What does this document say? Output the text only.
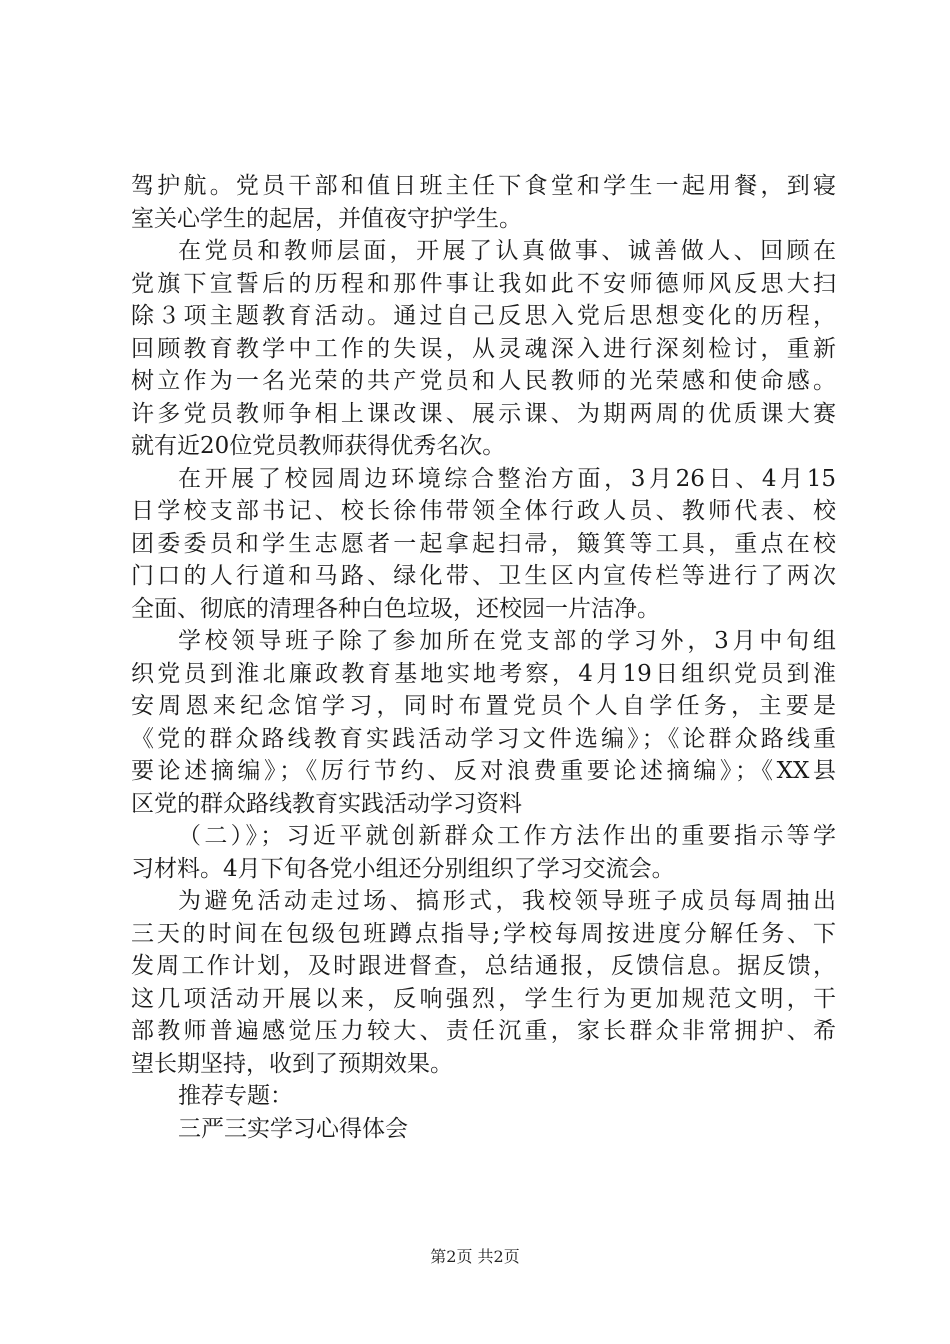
驾护航。党员干部和值日班主任下食堂和学生一起用餐，到寝
室关心学生的起居，并值夜守护学生。
在党员和教师层面，开展了认真做事、诚善做人、回顾在
党旗下宣誓后的历程和那件事让我如此不安师德师风反思大扫
除３项主题教育活动。通过自己反思入党后思想变化的历程，
回顾教育教学中工作的失误，从灵魂深入进行深刻检讨，重新
树立作为一名光荣的共产党员和人民教师的光荣感和使命感。
许多党员教师争相上课改课、展示课、为期两周的优质课大赛
就有近20位党员教师获得优秀名次。
在开展了校园周边环境综合整治方面，3月26日、4月15
日学校支部书记、校长徐伟带领全体行政人员、教师代表、校
团委委员和学生志愿者一起拿起扫帚，簸箕等工具，重点在校
门口的人行道和马路、绿化带、卫生区内宣传栏等进行了两次
全面、彻底的清理各种白色垃圾，还校园一片洁净。
学校领导班子除了参加所在党支部的学习外，3月中旬组
织党员到淮北廉政教育基地实地考察，4月19日组织党员到淮
安周恩来纪念馆学习，同时布置党员个人自学任务，主要是
《党的群众路线教育实践活动学习文件选编》；《论群众路线重
要论述摘编》；《厉行节约、反对浪费重要论述摘编》；《XX县
区党的群众路线教育实践活动学习资料
（二）》；习近平就创新群众工作方法作出的重要指示等学
习材料。4月下旬各党小组还分别组织了学习交流会。
为避免活动走过场、搞形式，我校领导班子成员每周抽出
三天的时间在包级包班蹲点指导;学校每周按进度分解任务、下
发周工作计划，及时跟进督查，总结通报，反馈信息。据反馈，
这几项活动开展以来，反响强烈，学生行为更加规范文明，干
部教师普遍感觉压力较大、责任沉重，家长群众非常拥护、希
望长期坚持，收到了预期效果。
推荐专题：
三严三实学习心得体会
第2页 共2页
